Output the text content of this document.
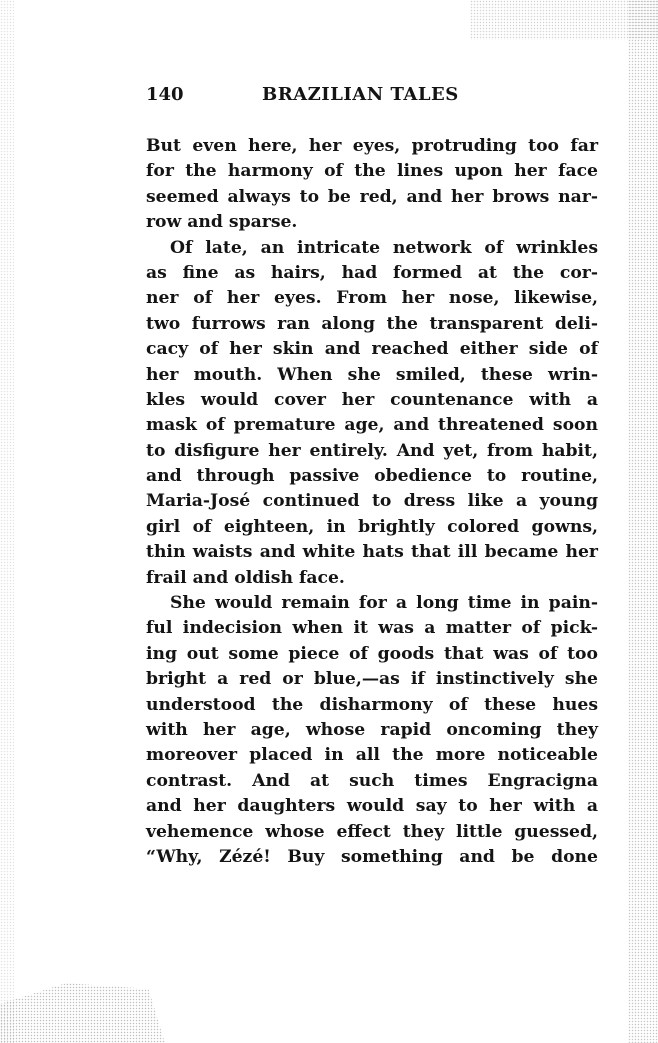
140	BRAZILIAN TALES
But even here, her eyes, protruding too far
for the harmony of the lines upon her face
seemed always to be red, and her brows nar-
row and sparse.
Of late, an intricate network of wrinkles
as fine as hairs, had formed at the cor-
ner of her eyes. From her nose, likewise,
two furrows ran along the transparent deli-
cacy of her skin and reached either side of
her mouth. When she smiled, these wrin-
kles would cover her countenance with a
mask of premature age, and threatened soon
to disfigure her entirely. And yet, from habit,
and through passive obedience to routine,
Maria-José continued to dress like a young
girl of eighteen, in brightly colored gowns,
thin waists and white hats that ill became her
frail and oldish face.
She would remain for a long time in pain-
ful indecision when it was a matter of pick-
ing out some piece of goods that was of too
bright a red or blue,—as if instinctively she
understood the disharmony of these hues
with her age, whose rapid oncoming they
moreover placed in all the more noticeable
contrast. And at such times Engracigna
and her daughters would say to her with a
vehemence whose effect they little guessed,
“Why, Zézé! Buy something and be done
